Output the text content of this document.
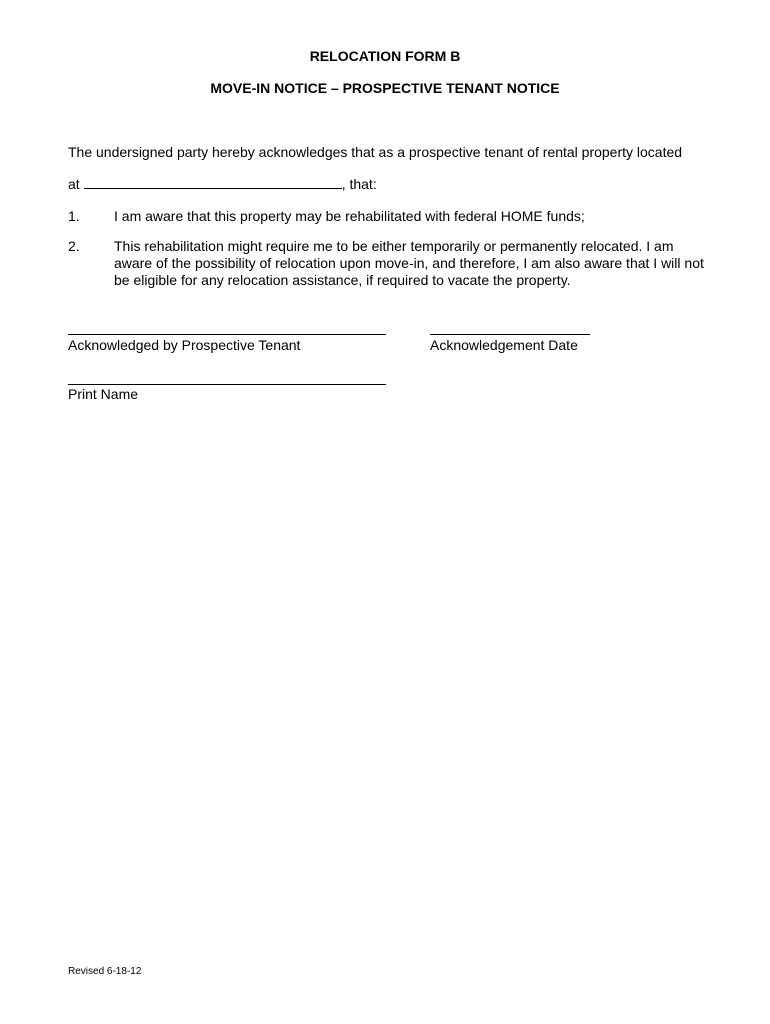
RELOCATION FORM B
MOVE-IN NOTICE – PROSPECTIVE TENANT NOTICE
The undersigned party hereby acknowledges that as a prospective tenant of rental property located
at	, that:
1. I am aware that this property may be rehabilitated with federal HOME funds;
2. This rehabilitation might require me to be either temporarily or permanently relocated. I am aware of the possibility of relocation upon move-in, and therefore, I am also aware that I will not be eligible for any relocation assistance, if required to vacate the property.
Acknowledged by Prospective Tenant	Acknowledgement Date
Print Name
Revised 6-18-12
